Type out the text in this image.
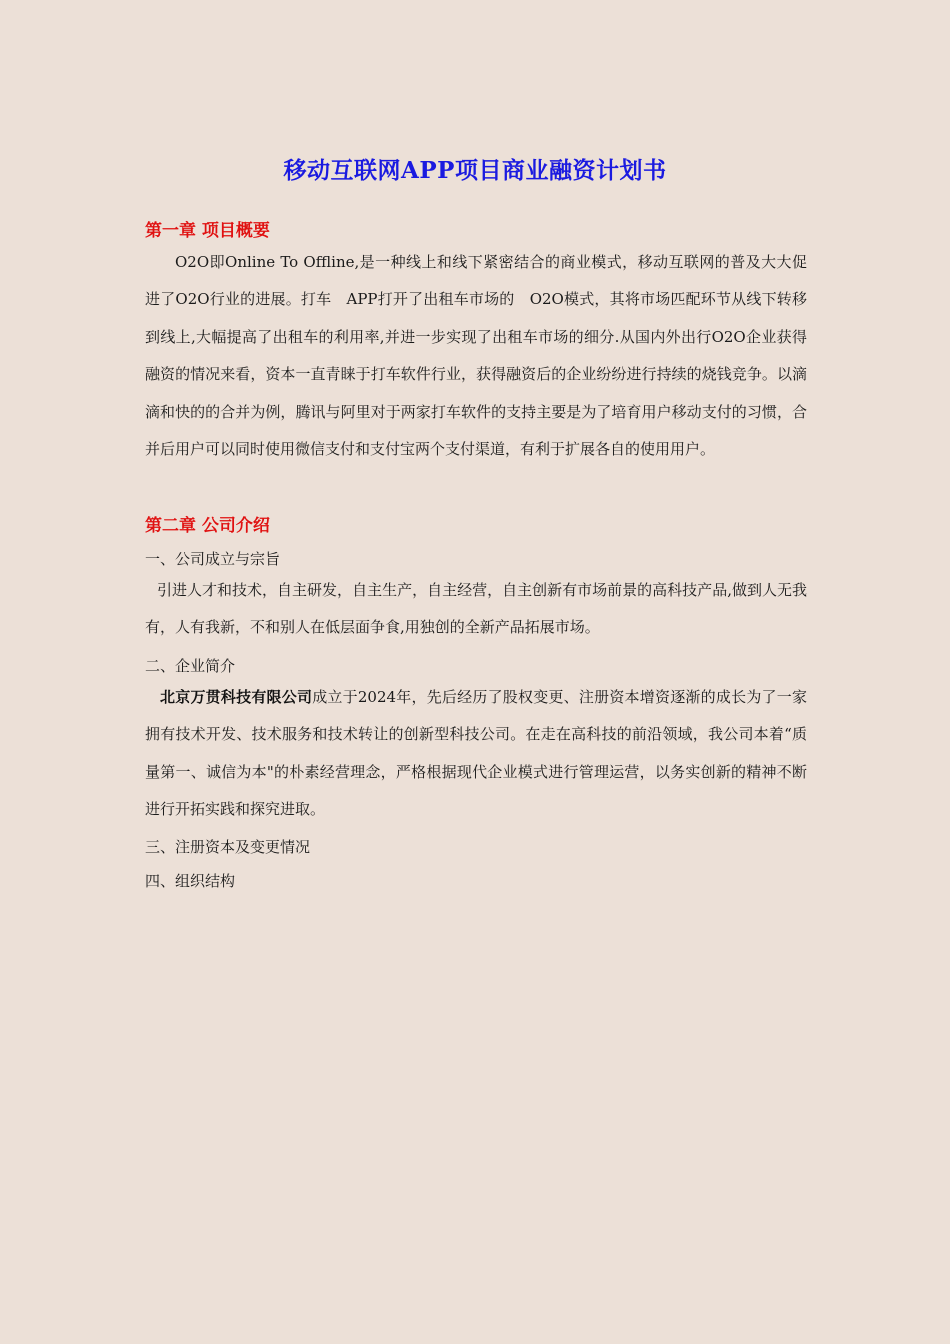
移动互联网APP项目商业融资计划书
第一章 项目概要

O2O即Online To Offline,是一种线上和线下紧密结合的商业模式，移动互联网的普及大大促进了O2O行业的进展。打车　APP打开了出租车市场的　O2O模式，其将市场匹配环节从线下转移到线上,大幅提高了出租车的利用率,并进一步实现了出租车市场的细分.从国内外出行O2O企业获得融资的情况来看，资本一直青睐于打车软件行业，获得融资后的企业纷纷进行持续的烧钱竞争。以滴滴和快的的合并为例，腾讯与阿里对于两家打车软件的支持主要是为了培育用户移动支付的习惯，合并后用户可以同时使用微信支付和支付宝两个支付渠道，有利于扩展各自的使用用户。

第二章 公司介绍
一、公司成立与宗旨

引进人才和技术，自主研发，自主生产，自主经营，自主创新有市场前景的高科技产品,做到人无我有，人有我新，不和别人在低层面争食,用独创的全新产品拓展市场。

二、企业简介

北京万贯科技有限公司成立于2024年，先后经历了股权变更、注册资本增资逐渐的成长为了一家拥有技术开发、技术服务和技术转让的创新型科技公司。在走在高科技的前沿领域，我公司本着“质量第一、诚信为本"的朴素经营理念，严格根据现代企业模式进行管理运营，以务实创新的精神不断进行开拓实践和探究进取。

三、注册资本及变更情况
四、组织结构
